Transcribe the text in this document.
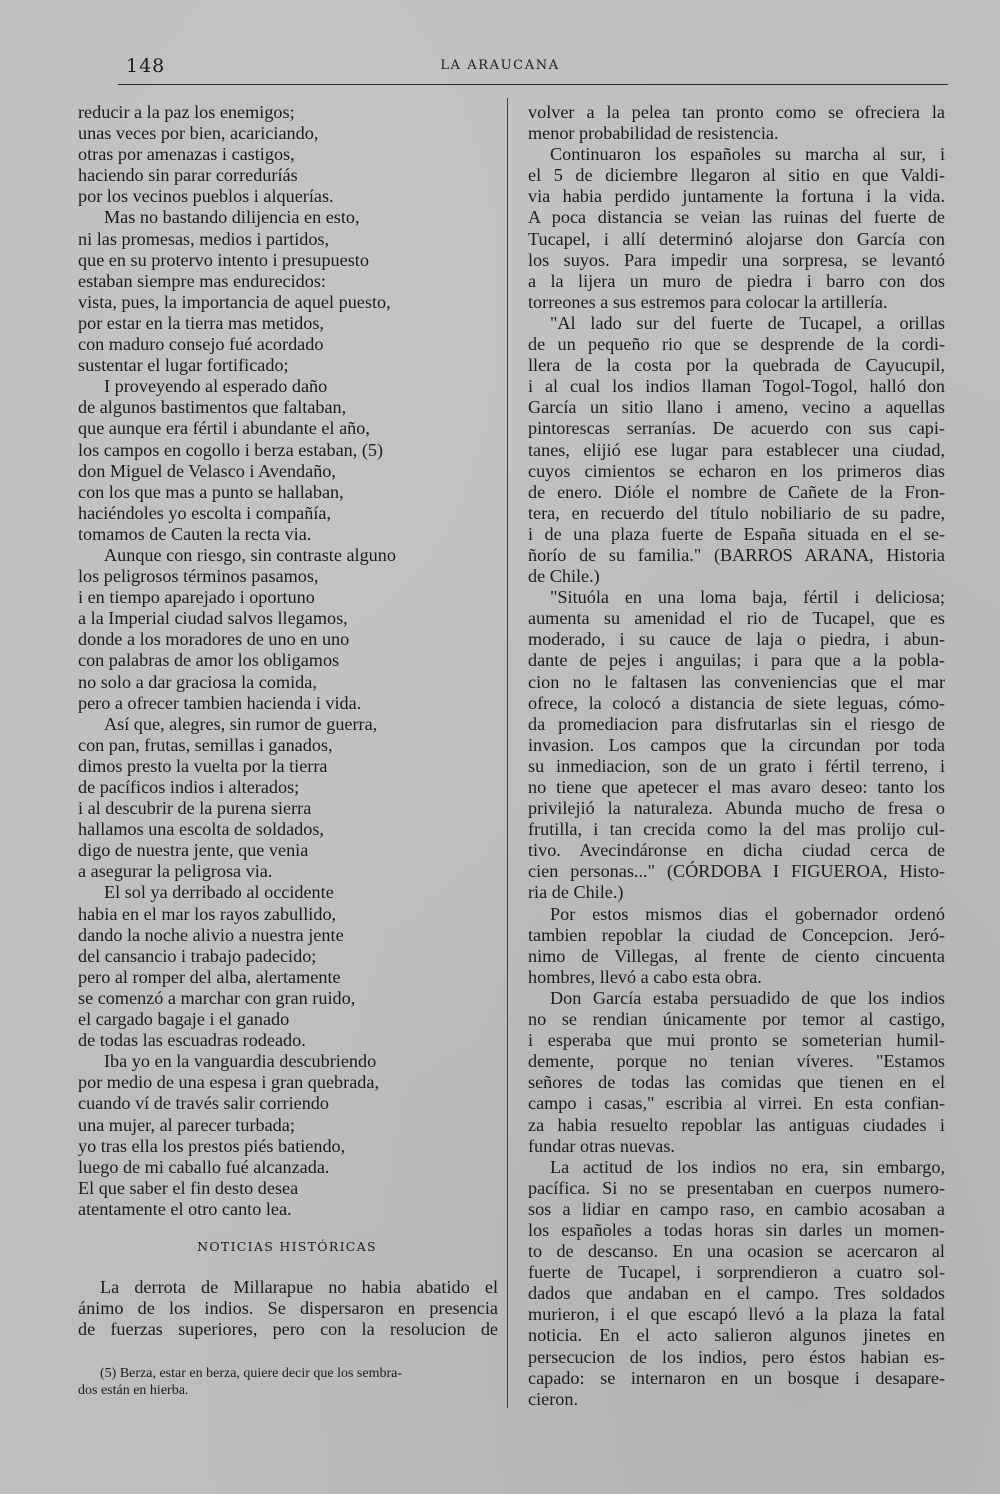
148	LA ARAUCANA
reducir a la paz los enemigos;
unas veces por bien, acariciando,
otras por amenazas i castigos,
haciendo sin parar correduríás
por los vecinos pueblos i alquerías.
Mas no bastando dilijencia en esto,
ni las promesas, medios i partidos,
que en su protervo intento i presupuesto
estaban siempre mas endurecidos:
vista, pues, la importancia de aquel puesto,
por estar en la tierra mas metidos,
con maduro consejo fué acordado
sustentar el lugar fortificado;
I proveyendo al esperado daño
de algunos bastimentos que faltaban,
que aunque era fértil i abundante el año,
los campos en cogollo i berza estaban, (5)
don Miguel de Velasco i Avendaño,
con los que mas a punto se hallaban,
haciéndoles yo escolta i compañía,
tomamos de Cauten la recta via.
Aunque con riesgo, sin contraste alguno
los peligrosos términos pasamos,
i en tiempo aparejado i oportuno
a la Imperial ciudad salvos llegamos,
donde a los moradores de uno en uno
con palabras de amor los obligamos
no solo a dar graciosa la comida,
pero a ofrecer tambien hacienda i vida.
Así que, alegres, sin rumor de guerra,
con pan, frutas, semillas i ganados,
dimos presto la vuelta por la tierra
de pacíficos indios i alterados;
i al descubrir de la purena sierra
hallamos una escolta de soldados,
digo de nuestra jente, que venia
a asegurar la peligrosa via.
El sol ya derribado al occidente
habia en el mar los rayos zabullido,
dando la noche alivio a nuestra jente
del cansancio i trabajo padecido;
pero al romper del alba, alertamente
se comenzó a marchar con gran ruido,
el cargado bagaje i el ganado
de todas las escuadras rodeado.
Iba yo en la vanguardia descubriendo
por medio de una espesa i gran quebrada,
cuando ví de través salir corriendo
una mujer, al parecer turbada;
yo tras ella los prestos piés batiendo,
luego de mi caballo fué alcanzada.
El que saber el fin desto desea
atentamente el otro canto lea.
NOTICIAS HISTÓRICAS

La derrota de Millarapue no habia abatido el
ánimo de los indios. Se dispersaron en presencia
de fuerzas superiores, pero con la resolucion de

(5) Berza, estar en berza, quiere decir que los sembra-
dos están en hierba.

volver a la pelea tan pronto como se ofreciera la
menor probabilidad de resistencia.
Continuaron los españoles su marcha al sur, i
el 5 de diciembre llegaron al sitio en que Valdi-
via habia perdido juntamente la fortuna i la vida.
A poca distancia se veian las ruinas del fuerte de
Tucapel, i allí determinó alojarse don García con
los suyos. Para impedir una sorpresa, se levantó
a la lijera un muro de piedra i barro con dos
torreones a sus estremos para colocar la artillería.
"Al lado sur del fuerte de Tucapel, a orillas
de un pequeño rio que se desprende de la cordi-
llera de la costa por la quebrada de Cayucupil,
i al cual los indios llaman Togol-Togol, halló don
García un sitio llano i ameno, vecino a aquellas
pintorescas serranías. De acuerdo con sus capi-
tanes, elijió ese lugar para establecer una ciudad,
cuyos cimientos se echaron en los primeros dias
de enero. Dióle el nombre de Cañete de la Fron-
tera, en recuerdo del título nobiliario de su padre,
i de una plaza fuerte de España situada en el se-
ñorío de su familia." (BARROS ARANA, Historia
de Chile.)
"Situóla en una loma baja, fértil i deliciosa;
aumenta su amenidad el rio de Tucapel, que es
moderado, i su cauce de laja o piedra, i abun-
dante de pejes i anguilas; i para que a la pobla-
cion no le faltasen las conveniencias que el mar
ofrece, la colocó a distancia de siete leguas, cómo-
da promediacion para disfrutarlas sin el riesgo de
invasion. Los campos que la circundan por toda
su inmediacion, son de un grato i fértil terreno, i
no tiene que apetecer el mas avaro deseo: tanto los
privilejió la naturaleza. Abunda mucho de fresa o
frutilla, i tan crecida como la del mas prolijo cul-
tivo. Avecindáronse en dicha ciudad cerca de
cien personas..." (CÓRDOBA I FIGUEROA, Histo-
ria de Chile.)
Por estos mismos dias el gobernador ordenó
tambien repoblar la ciudad de Concepcion. Jeró-
nimo de Villegas, al frente de ciento cincuenta
hombres, llevó a cabo esta obra.
Don García estaba persuadido de que los indios
no se rendian únicamente por temor al castigo,
i esperaba que mui pronto se someterian humil-
demente, porque no tenian víveres. "Estamos
señores de todas las comidas que tienen en el
campo i casas," escribia al virrei. En esta confian-
za habia resuelto repoblar las antiguas ciudades i
fundar otras nuevas.
La actitud de los indios no era, sin embargo,
pacífica. Si no se presentaban en cuerpos numero-
sos a lidiar en campo raso, en cambio acosaban a
los españoles a todas horas sin darles un momen-
to de descanso. En una ocasion se acercaron al
fuerte de Tucapel, i sorprendieron a cuatro sol-
dados que andaban en el campo. Tres soldados
murieron, i el que escapó llevó a la plaza la fatal
noticia. En el acto salieron algunos jinetes en
persecucion de los indios, pero éstos habian es-
capado: se internaron en un bosque i desapare-
cieron.
